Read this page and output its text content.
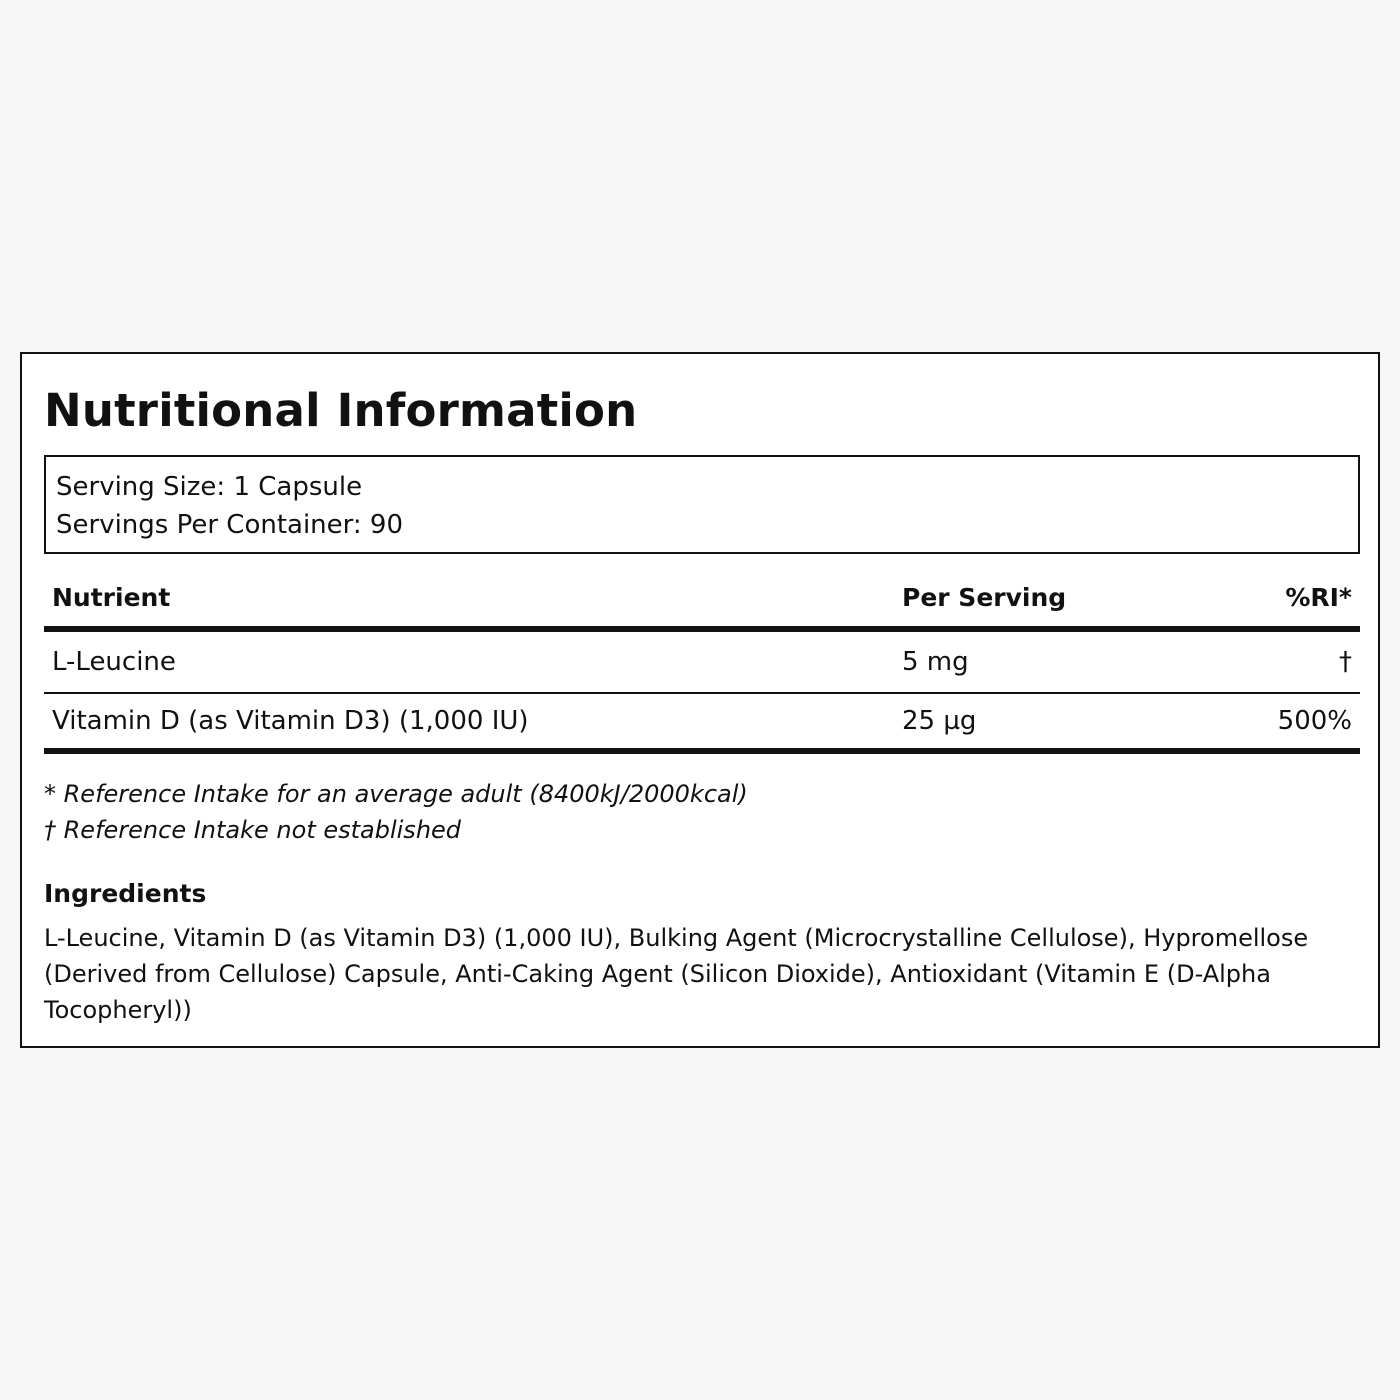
Nutritional Information
Serving Size: 1 Capsule
Servings Per Container: 90
Nutrient	Per Serving	%RI*
L-Leucine	5 mg	†
Vitamin D (as Vitamin D3) (1,000 IU)	25 µg	500%
* Reference Intake for an average adult (8400kJ/2000kcal)
† Reference Intake not established
Ingredients
L-Leucine, Vitamin D (as Vitamin D3) (1,000 IU), Bulking Agent (Microcrystalline Cellulose), Hypromellose (Derived from Cellulose) Capsule, Anti-Caking Agent (Silicon Dioxide), Antioxidant (Vitamin E (D-Alpha Tocopheryl))
